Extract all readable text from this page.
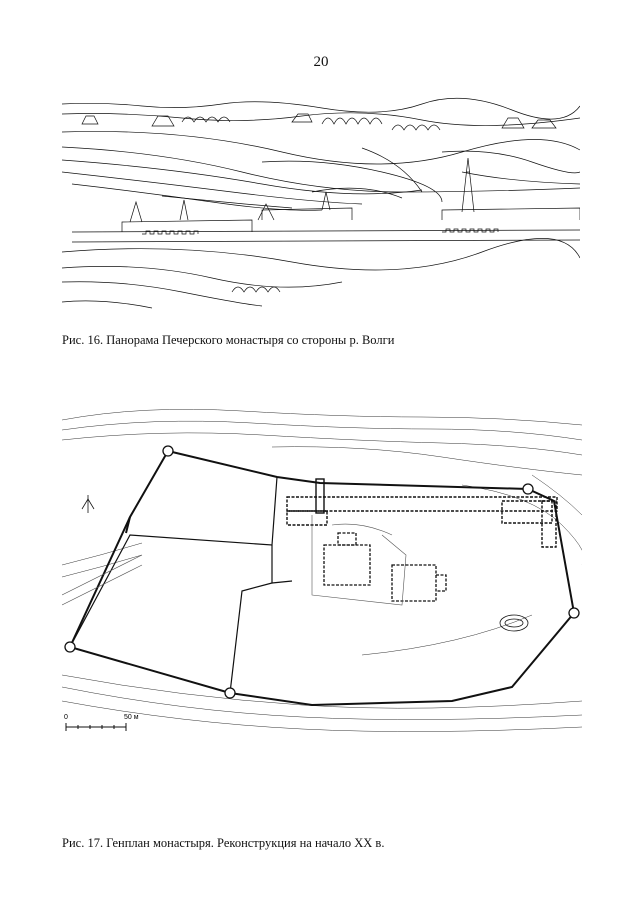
20
Рис. 16. Панорама Печерского монастыря со стороны р. Волги
0	50 м
Рис. 17. Генплан монастыря. Реконструкция на начало XX в.
